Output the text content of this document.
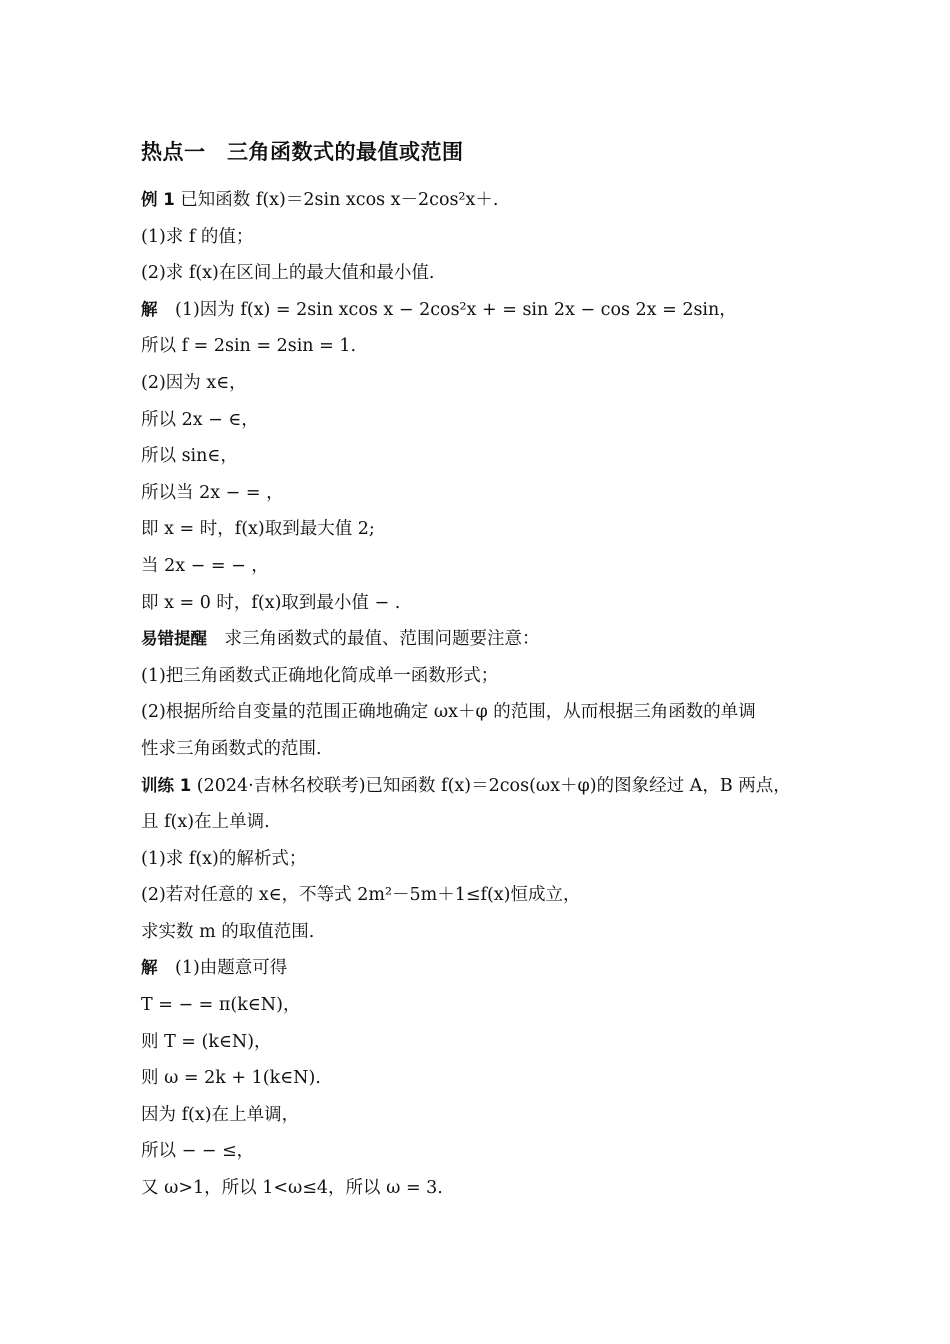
热点一　三角函数式的最值或范围
例 1 已知函数 f(x)＝2sin xcos x－2cos²x＋.
(1)求 f 的值；
(2)求 f(x)在区间上的最大值和最小值.
解　(1)因为 f(x) = 2sin xcos x − 2cos²x + = sin 2x − cos 2x = 2sin，
所以 f = 2sin = 2sin = 1.
(2)因为 x∈，
所以 2x − ∈，
所以 sin∈，
所以当 2x − = ，
即 x = 时，f(x)取到最大值 2;
当 2x − = − ，
即 x = 0 时，f(x)取到最小值 − .
易错提醒　求三角函数式的最值、范围问题要注意：
(1)把三角函数式正确地化简成单一函数形式；
(2)根据所给自变量的范围正确地确定 ωx＋φ 的范围，从而根据三角函数的单调
性求三角函数式的范围.
训练 1 (2024·吉林名校联考)已知函数 f(x)＝2cos(ωx＋φ)的图象经过 A，B 两点，
且 f(x)在上单调.
(1)求 f(x)的解析式；
(2)若对任意的 x∈，不等式 2m²－5m＋1≤f(x)恒成立，
求实数 m 的取值范围.
解　(1)由题意可得
T = − = π(k∈N)，
则 T = (k∈N)，
则 ω = 2k + 1(k∈N).
因为 f(x)在上单调，
所以 − − ≤，
又 ω>1，所以 1<ω≤4，所以 ω = 3.
